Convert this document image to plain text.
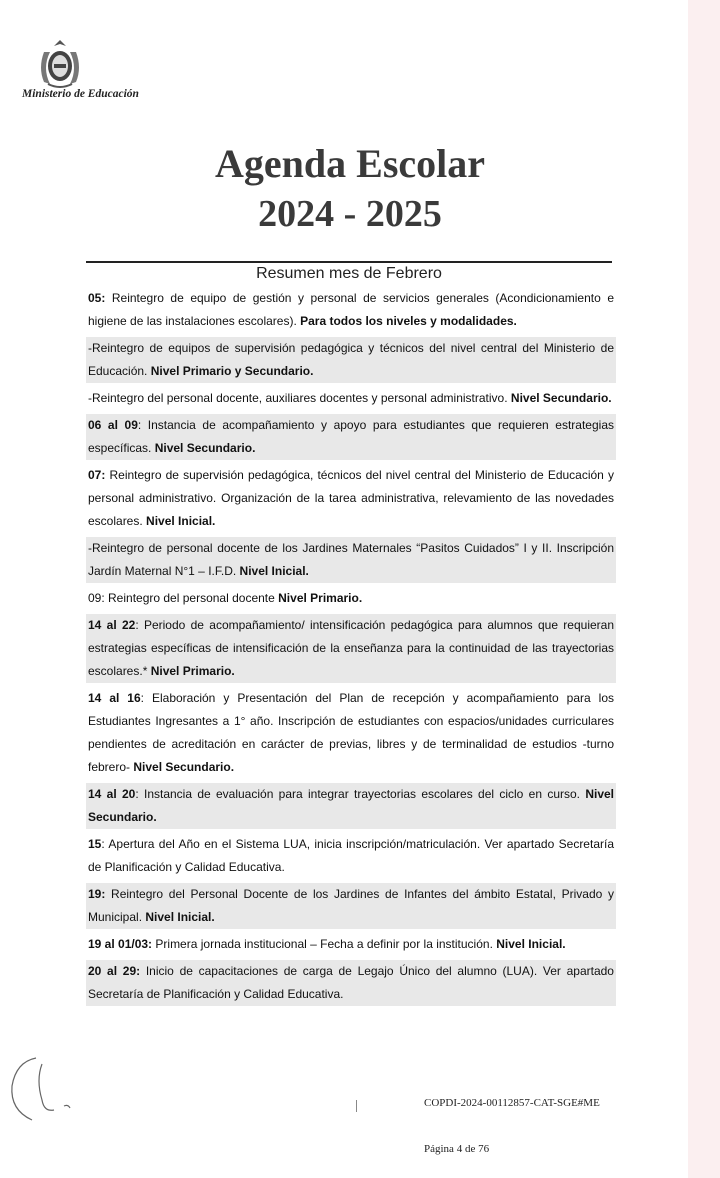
Ministerio de Educación
Agenda Escolar
2024 - 2025
Resumen mes de Febrero
05: Reintegro de equipo de gestión y personal de servicios generales (Acondicionamiento e higiene de las instalaciones escolares). Para todos los niveles y modalidades.
-Reintegro de equipos de supervisión pedagógica y técnicos del nivel central del Ministerio de Educación. Nivel Primario y Secundario.
-Reintegro del personal docente, auxiliares docentes y personal administrativo. Nivel Secundario.
06 al 09: Instancia de acompañamiento y apoyo para estudiantes que requieren estrategias específicas. Nivel Secundario.
07: Reintegro de supervisión pedagógica, técnicos del nivel central del Ministerio de Educación y personal administrativo. Organización de la tarea administrativa, relevamiento de las novedades escolares. Nivel Inicial.
-Reintegro de personal docente de los Jardines Maternales “Pasitos Cuidados” I y II. Inscripción Jardín Maternal N°1 – I.F.D. Nivel Inicial.
09: Reintegro del personal docente Nivel Primario.
14 al 22: Periodo de acompañamiento/ intensificación pedagógica para alumnos que requieran estrategias específicas de intensificación de la enseñanza para la continuidad de las trayectorias escolares.* Nivel Primario.
14 al 16: Elaboración y Presentación del Plan de recepción y acompañamiento para los Estudiantes Ingresantes a 1° año. Inscripción de estudiantes con espacios/unidades curriculares pendientes de acreditación en carácter de previas, libres y de terminalidad de estudios -turno febrero- Nivel Secundario.
14 al 20: Instancia de evaluación para integrar trayectorias escolares del ciclo en curso. Nivel Secundario.
15: Apertura del Año en el Sistema LUA, inicia inscripción/matriculación. Ver apartado Secretaría de Planificación y Calidad Educativa.
19: Reintegro del Personal Docente de los Jardines de Infantes del ámbito Estatal, Privado y Municipal. Nivel Inicial.
19 al 01/03: Primera jornada institucional – Fecha a definir por la institución. Nivel Inicial.
20 al 29: Inicio de capacitaciones de carga de Legajo Único del alumno (LUA). Ver apartado Secretaría de Planificación y Calidad Educativa.
COPDI-2024-00112857-CAT-SGE#ME
Página 4 de 76
